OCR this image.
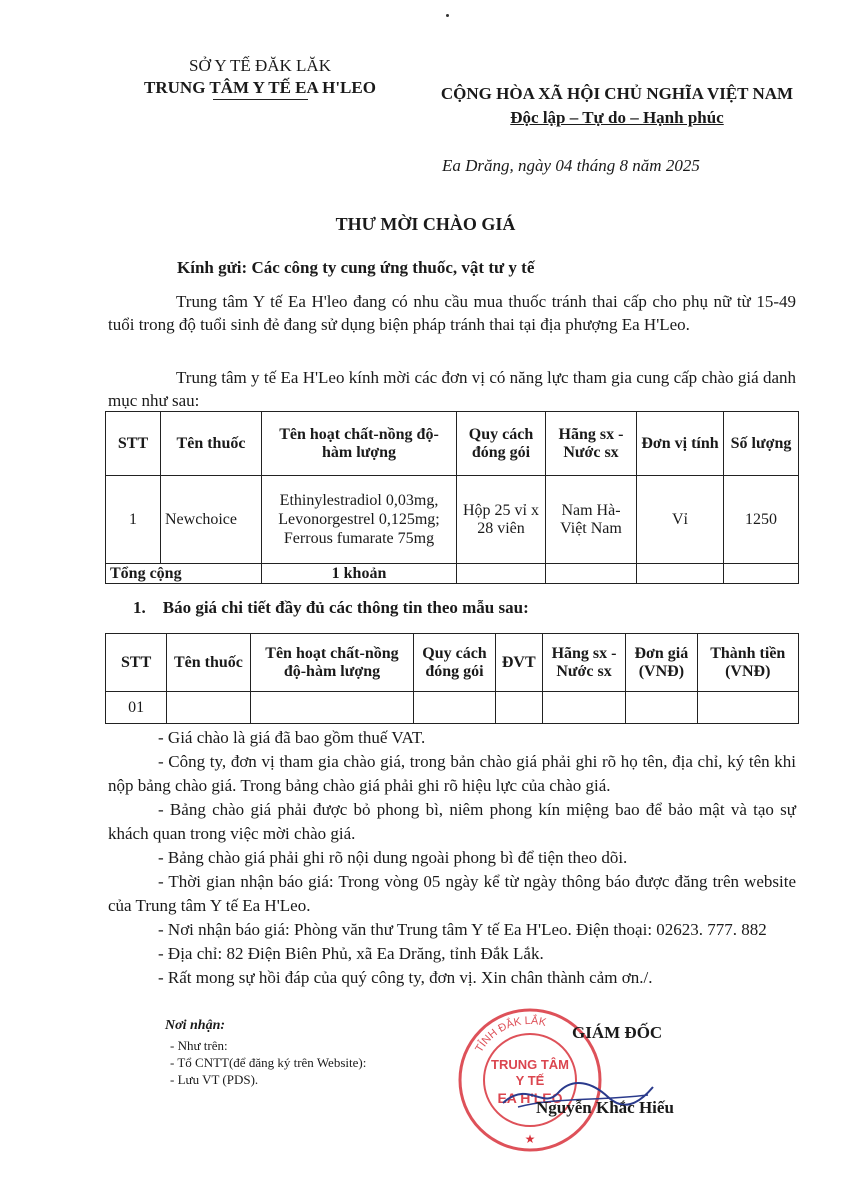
SỞ Y TẾ ĐĂK LĂK
TRUNG TÂM Y TẾ EA H'LEO	CỘNG HÒA XÃ HỘI CHỦ NGHĨA VIỆT NAM
Độc lập – Tự do – Hạnh phúc
Ea Drăng, ngày 04 tháng 8 năm 2025
THƯ MỜI CHÀO GIÁ
Kính gửi: Các công ty cung ứng thuốc, vật tư y tế
Trung tâm Y tế Ea H'leo đang có nhu cầu mua thuốc tránh thai cấp cho phụ nữ từ 15-49 tuổi trong độ tuổi sinh đẻ đang sử dụng biện pháp tránh thai tại địa phượng Ea H'Leo.
Trung tâm y tế Ea H'Leo kính mời các đơn vị có năng lực tham gia cung cấp chào giá danh mục như sau:
STT	Tên thuốc	Tên hoạt chất-nồng độ-hàm lượng	Quy cách đóng gói	Hãng sx - Nước sx	Đơn vị tính	Số lượng
1	Newchoice	Ethinylestradiol 0,03mg, Levonorgestrel 0,125mg; Ferrous fumarate 75mg	Hộp 25 vỉ x 28 viên	Nam Hà- Việt Nam	Vỉ	1250
Tổng cộng		1 khoản				
1.    Báo giá chi tiết đầy đủ các thông tin theo mẫu sau:
STT	Tên thuốc	Tên hoạt chất-nồng độ-hàm lượng	Quy cách đóng gói	ĐVT	Hãng sx - Nước sx	Đơn giá (VNĐ)	Thành tiền (VNĐ)
01							

- Giá chào là giá đã bao gồm thuế VAT.

- Công ty, đơn vị tham gia chào giá, trong bản chào giá phải ghi rõ họ tên, địa chỉ, ký tên khi nộp bảng chào giá. Trong bảng chào giá phải ghi rõ hiệu lực của chào giá.

- Bảng chào giá phải được bỏ phong bì, niêm phong kín miệng bao để bảo mật và tạo sự khách quan trong việc mời chào giá.

- Bảng chào giá phải ghi rõ nội dung ngoài phong bì để tiện theo dõi.

- Thời gian nhận báo giá: Trong vòng 05 ngày kể từ ngày thông báo được đăng trên website của Trung tâm Y tế Ea H'Leo.

- Nơi nhận báo giá: Phòng văn thư Trung tâm Y tế Ea H'Leo. Điện thoại: 02623. 777. 882

- Địa chỉ: 82 Điện Biên Phủ, xã Ea Drăng, tỉnh Đắk Lắk.

- Rất mong sự hồi đáp của quý công ty, đơn vị. Xin chân thành cảm ơn./.

Nơi nhận:
- Như trên:
- Tổ CNTT(để đăng ký trên Website):
- Lưu VT (PDS).
TỈNH ĐẮK LẮK
TRUNG TÂM
Y TẾ
EA H'LEO
★
GIÁM ĐỐC
Nguyễn Khắc Hiếu
